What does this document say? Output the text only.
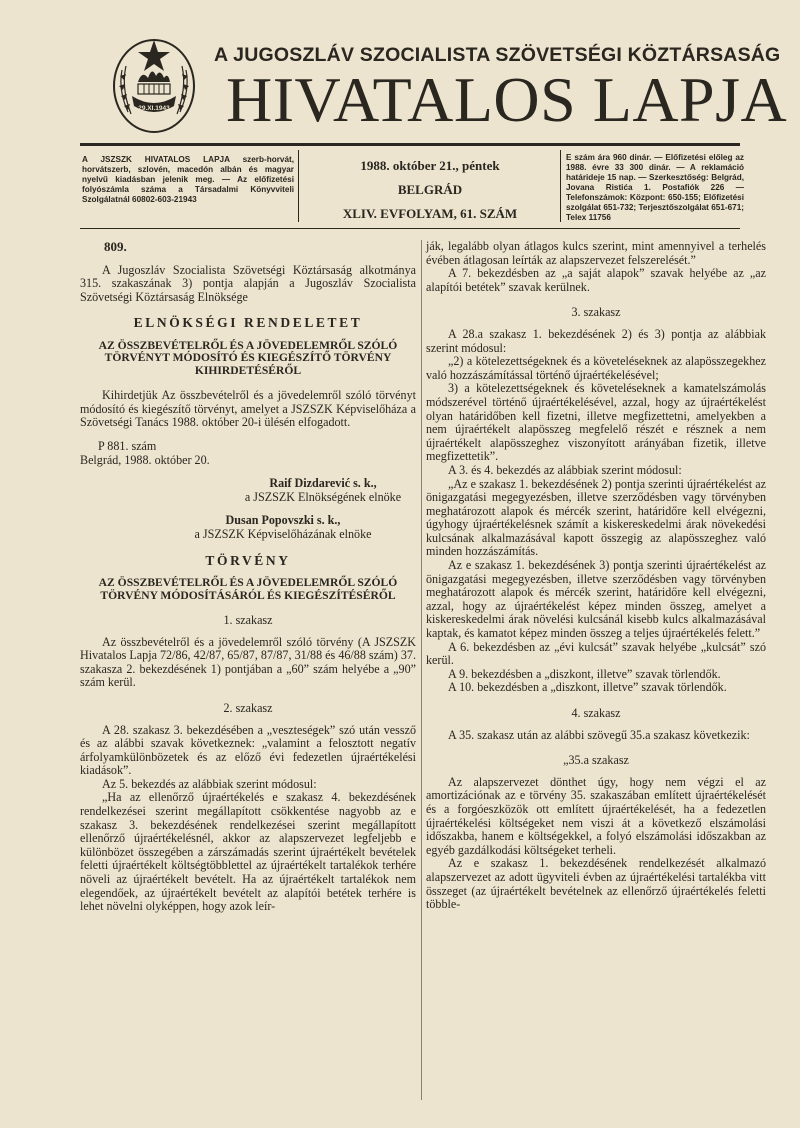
29.XI.1943
A JUGOSZLÁV SZOCIALISTA SZÖVETSÉGI KÖZTÁRSASÁG
HIVATALOS LAPJA
A JSZSZK HIVATALOS LAPJA szerb-horvát, horvátszerb, szlovén, macedón albán és magyar nyelvű kiadásban jelenik meg. — Az előfizetési folyószámla száma a Társadalmi Könyvviteli Szolgálatnál 60802-603-21943
1988. október 21., péntek
BELGRÁD
XLIV. EVFOLYAM, 61. SZÁM
E szám ára 960 dinár. — Előfizetési előleg az 1988. évre 33 300 dinár. — A reklamáció határideje 15 nap. — Szerkesztőség: Belgrád, Jovana Ristića 1. Postafiók 226 — Telefonszámok: Központ: 650-155; Előfizetési szolgálat 651-732; Terjesztőszolgálat 651-671; Telex 11756

809.

A Jugoszláv Szocialista Szövetségi Köztársaság alkotmánya 315. szakaszának 3) pontja alapján a Jugoszláv Szocialista Szövetségi Köztársaság Elnöksége

ELNÖKSÉGI RENDELETET

AZ ÖSSZBEVÉTELRŐL ÉS A JÖVEDELEMRŐL SZÓLÓ TÖRVÉNYT MÓDOSÍTÓ ÉS KIEGÉSZÍTŐ TÖRVÉNY KIHIRDETÉSÉRŐL

Kihirdetjük Az összbevételről és a jövedelemről szóló törvényt módosító és kiegészítő törvényt, amelyet a JSZSZK Képviselőháza a Szövetségi Tanács 1988. október 20-i ülésén elfogadott.

P 881. szám

Belgrád, 1988. október 20.

Raif Dizdarević s. k.,
a JSZSZK Elnökségének elnöke
Dusan Popovszki s. k.,
a JSZSZK Képviselőházának elnöke

TÖRVÉNY

AZ ÖSSZBEVÉTELRŐL ÉS A JÖVEDELEMRŐL SZÓLÓ TÖRVÉNY MÓDOSÍTÁSÁRÓL ÉS KIEGÉSZÍTÉSÉRŐL

1. szakasz

Az összbevételről és a jövedelemről szóló törvény (A JSZSZK Hivatalos Lapja 72/86, 42/87, 65/87, 87/87, 31/88 és 46/88 szám) 37. szakasza 2. bekezdésének 1) pontjában a „60” szám helyébe a „90” szám kerül.

2. szakasz

A 28. szakasz 3. bekezdésében a „veszteségek” szó után vessző és az alábbi szavak következnek: „valamint a felosztott negatív árfolyamkülönbözetek és az előző évi fedezetlen újraértékelési kiadások”.

Az 5. bekezdés az alábbiak szerint módosul:

„Ha az ellenőrző újraértékelés e szakasz 4. bekezdésének rendelkezései szerint megállapított csökkentése nagyobb az e szakasz 3. bekezdésének rendelkezései szerint megállapított ellenőrző újraértékelésnél, akkor az alapszervezet legfeljebb e különbözet összegében a zárszámadás szerint újraértékelt bevételek feletti újraértékelt költségtöbblettel az újraértékelt tartalékok terhére növeli az újraértékelt bevételt. Ha az újraértékelt tartalékok nem elegendőek, az újraértékelt bevételt az alapítói betétek terhére is lehet növelni olyképpen, hogy azok leír-

ják, legalább olyan átlagos kulcs szerint, mint amennyivel a terhelés évében átlagosan leírták az alapszervezet felszerelését.”

A 7. bekezdésben az „a saját alapok” szavak helyébe az „az alapítói betétek” szavak kerülnek.

3. szakasz

A 28.a szakasz 1. bekezdésének 2) és 3) pontja az alábbiak szerint módosul:

„2) a kötelezettségeknek és a követeléseknek az alapösszegekhez való hozzászámítással történő újraértékelésével;

3) a kötelezettségeknek és követeléseknek a kamatelszámolás módszerével történő újraértékelésével, azzal, hogy az újraértékelést olyan határidőben kell fizetni, illetve megfizettetni, amelyekben a nem újraértékelt alapösszeg megfelelő részét e résznek a nem újraértékelt alapösszeghez viszonyított arányában fizetik, illetve megfizettetik”.

A 3. és 4. bekezdés az alábbiak szerint módosul:

„Az e szakasz 1. bekezdésének 2) pontja szerinti újraértékelést az önigazgatási megegyezésben, illetve szerződésben vagy törvényben meghatározott alapok és mércék szerint, határidőre kell elvégezni, úgyhogy újraértékelésnek számít a kiskereskedelmi árak növekedési kulcsának alkalmazásával kapott összegig az alapösszeghez való minden hozzászámítás.

Az e szakasz 1. bekezdésének 3) pontja szerinti újraértékelést az önigazgatási megegyezésben, illetve szerződésben vagy törvényben meghatározott alapok és mércék szerint, határidőre kell elvégezni, azzal, hogy az újraértékelést képez minden összeg, amelyet a kiskereskedelmi árak növelési kulcsánál kisebb kulcs alkalmazásával kaptak, és kamatot képez minden összeg a teljes újraértékelés felett.”

A 6. bekezdésben az „évi kulcsát” szavak helyébe „kulcsát” szó kerül.

A 9. bekezdésben a „diszkont, illetve” szavak törlendők.

A 10. bekezdésben a „diszkont, illetve” szavak törlendők.

4. szakasz

A 35. szakasz után az alábbi szövegű 35.a szakasz következik:

„35.a szakasz

Az alapszervezet dönthet úgy, hogy nem végzi el az amortizációnak az e törvény 35. szakaszában említett újraértékelését és a forgóeszközök ott említett újraértékelését, ha a fedezetlen újraértékelési költségeket nem viszi át a következő elszámolási időszakba, hanem e költségekkel, a folyó elszámolási időszakban az egyéb gazdálkodási költségeket terheli.

Az e szakasz 1. bekezdésének rendelkezését alkalmazó alapszervezet az adott ügyviteli évben az újraértékelési tartalékba vitt összeget (az újraértékelt bevételnek az ellenőrző újraértékelés feletti többle-
